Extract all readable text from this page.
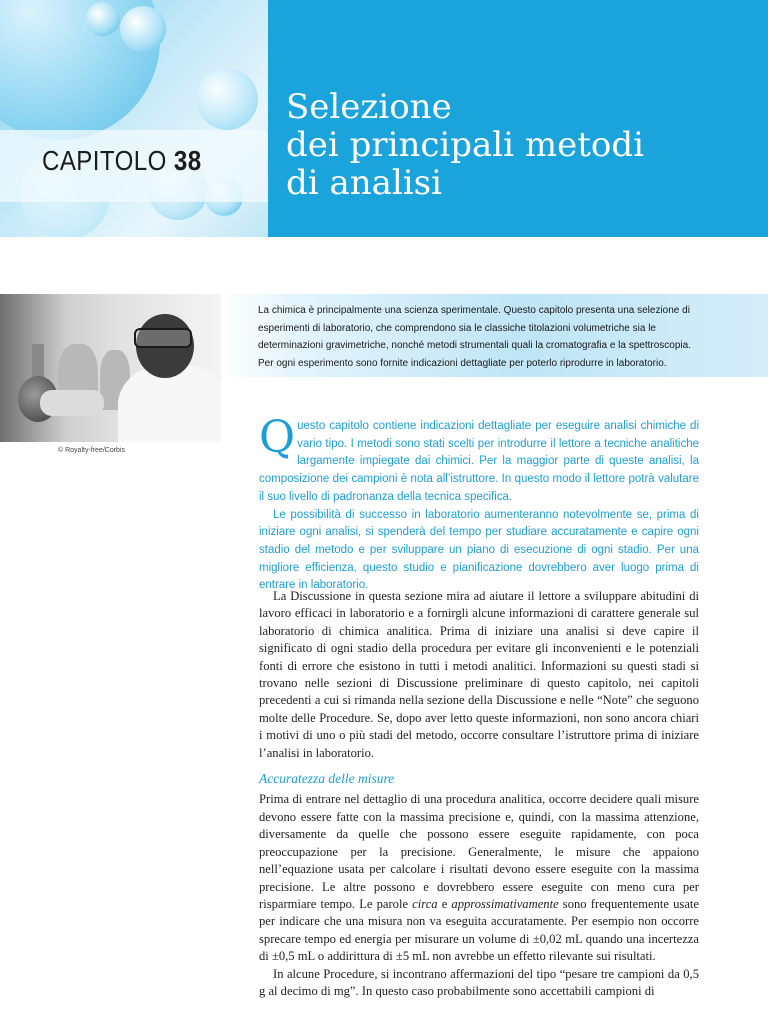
CAPITOLO 38
Selezione
dei principali metodi
di analisi
© Royalty-free/Corbis

La chimica è principalmente una scienza sperimentale. Questo capitolo presenta una selezione di esperimenti di laboratorio, che comprendono sia le classiche titolazioni volumetriche sia le determinazioni gravimetriche, nonché metodi strumentali quali la cromatografia e la spettroscopia. Per ogni esperimento sono fornite indicazioni dettagliate per poterlo riprodurre in laboratorio.

Questo capitolo contiene indicazioni dettagliate per eseguire analisi chimiche di vario tipo. I metodi sono stati scelti per introdurre il lettore a tecniche analitiche largamente impiegate dai chimici. Per la maggior parte di queste analisi, la composizione dei campioni è nota all’istruttore. In questo modo il lettore potrà valutare il suo livello di padronanza della tecnica specifica.

Le possibilità di successo in laboratorio aumenteranno notevolmente se, prima di iniziare ogni analisi, si spenderà del tempo per studiare accuratamente e capire ogni stadio del metodo e per sviluppare un piano di esecuzione di ogni stadio. Per una migliore efficienza, questo studio e pianificazione dovrebbero aver luogo prima di entrare in laboratorio.

La Discussione in questa sezione mira ad aiutare il lettore a sviluppare abitudini di lavoro efficaci in laboratorio e a fornirgli alcune informazioni di carattere generale sul laboratorio di chimica analitica. Prima di iniziare una analisi si deve capire il significato di ogni stadio della procedura per evitare gli inconvenienti e le potenziali fonti di errore che esistono in tutti i metodi analitici. Informazioni su questi stadi si trovano nelle sezioni di Discussione preliminare di questo capitolo, nei capitoli precedenti a cui si rimanda nella sezione della Discussione e nelle “Note” che seguono molte delle Procedure. Se, dopo aver letto queste informazioni, non sono ancora chiari i motivi di uno o più stadi del metodo, occorre consultare l’istruttore prima di iniziare l’analisi in laboratorio.

Accuratezza delle misure

Prima di entrare nel dettaglio di una procedura analitica, occorre decidere quali misure devono essere fatte con la massima precisione e, quindi, con la massima attenzione, diversamente da quelle che possono essere eseguite rapidamente, con poca preoccupazione per la precisione. Generalmente, le misure che appaiono nell’equazione usata per calcolare i risultati devono essere eseguite con la massima precisione. Le altre possono e dovrebbero essere eseguite con meno cura per risparmiare tempo. Le parole circa e approssimativamente sono frequentemente usate per indicare che una misura non va eseguita accuratamente. Per esempio non occorre sprecare tempo ed energia per misurare un volume di ±0,02 mL quando una incertezza di ±0,5 mL o addirittura di ±5 mL non avrebbe un effetto rilevante sui risultati.

In alcune Procedure, si incontrano affermazioni del tipo “pesare tre campioni da 0,5 g al decimo di mg”. In questo caso probabilmente sono accettabili campioni di
